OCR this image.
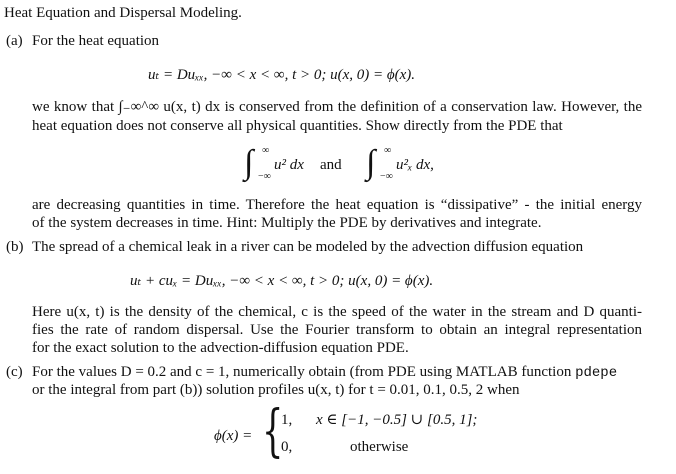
Heat Equation and Dispersal Modeling.
(a) For the heat equation
uₜ = Duₓₓ, −∞ < x < ∞, t > 0; u(x, 0) = ϕ(x).
we know that ∫₋∞^∞ u(x, t) dx is conserved from the definition of a conservation law. However, the
heat equation does not conserve all physical quantities. Show directly from the PDE that
∫ ∞
−∞
u² dx and ∫ ∞
−∞
u²ₓ dx,
are decreasing quantities in time. Therefore the heat equation is “dissipative” - the initial energy
of the system decreases in time. Hint: Multiply the PDE by derivatives and integrate.
(b) The spread of a chemical leak in a river can be modeled by the advection diffusion equation
uₜ + cuₓ = Duₓₓ, −∞ < x < ∞, t > 0; u(x, 0) = ϕ(x).
Here u(x, t) is the density of the chemical, c is the speed of the water in the stream and D quanti-
fies the rate of random dispersal. Use the Fourier transform to obtain an integral representation
for the exact solution to the advection-diffusion equation PDE.
(c) For the values D = 0.2 and c = 1, numerically obtain (from PDE using MATLAB function pdepe
or the integral from part (b)) solution profiles u(x, t) for t = 0.01, 0.1, 0.5, 2 when
ϕ(x) = {
1, x ∈ [−1, −0.5] ∪ [0.5, 1];
0,	otherwise
